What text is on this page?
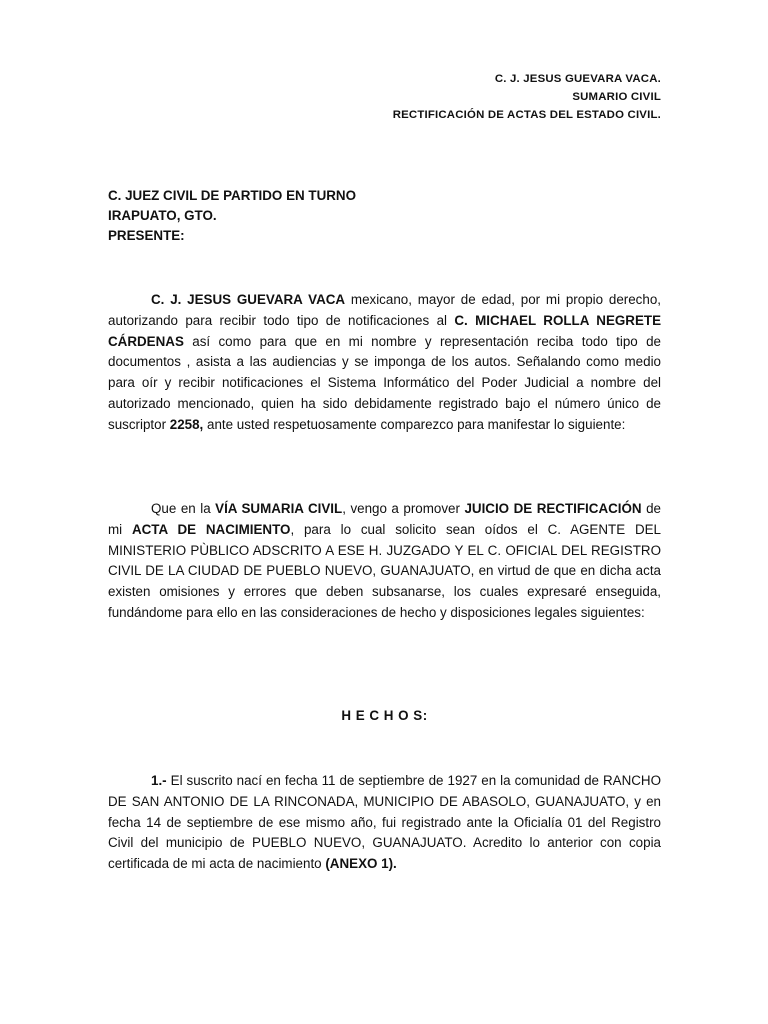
C. J. JESUS GUEVARA VACA.
SUMARIO CIVIL
RECTIFICACIÓN DE ACTAS DEL ESTADO CIVIL.
C. JUEZ CIVIL DE PARTIDO EN TURNO
IRAPUATO, GTO.
PRESENTE:

C. J. JESUS GUEVARA VACA mexicano, mayor de edad, por mi propio derecho, autorizando para recibir todo tipo de notificaciones al C. MICHAEL ROLLA NEGRETE CÁRDENAS así como para que en mi nombre y representación reciba todo tipo de documentos , asista a las audiencias y se imponga de los autos. Señalando como medio para oír y recibir notificaciones el Sistema Informático del Poder Judicial a nombre del autorizado mencionado, quien ha sido debidamente registrado bajo el número único de suscriptor 2258, ante usted respetuosamente comparezco para manifestar lo siguiente:

Que en la VÍA SUMARIA CIVIL, vengo a promover JUICIO DE RECTIFICACIÓN de mi ACTA DE NACIMIENTO, para lo cual solicito sean oídos el C. AGENTE DEL MINISTERIO PÙBLICO ADSCRITO A ESE H. JUZGADO Y EL C. OFICIAL DEL REGISTRO CIVIL DE LA CIUDAD DE PUEBLO NUEVO, GUANAJUATO, en virtud de que en dicha acta existen omisiones y errores que deben subsanarse, los cuales expresaré enseguida, fundándome para ello en las consideraciones de hecho y disposiciones legales siguientes:

H E C H O S:

1.- El suscrito nací en fecha 11 de septiembre de 1927 en la comunidad de RANCHO DE SAN ANTONIO DE LA RINCONADA, MUNICIPIO DE ABASOLO, GUANAJUATO, y en fecha 14 de septiembre de ese mismo año, fui registrado ante la Oficialía 01 del Registro Civil del municipio de PUEBLO NUEVO, GUANAJUATO. Acredito lo anterior con copia certificada de mi acta de nacimiento (ANEXO 1).
